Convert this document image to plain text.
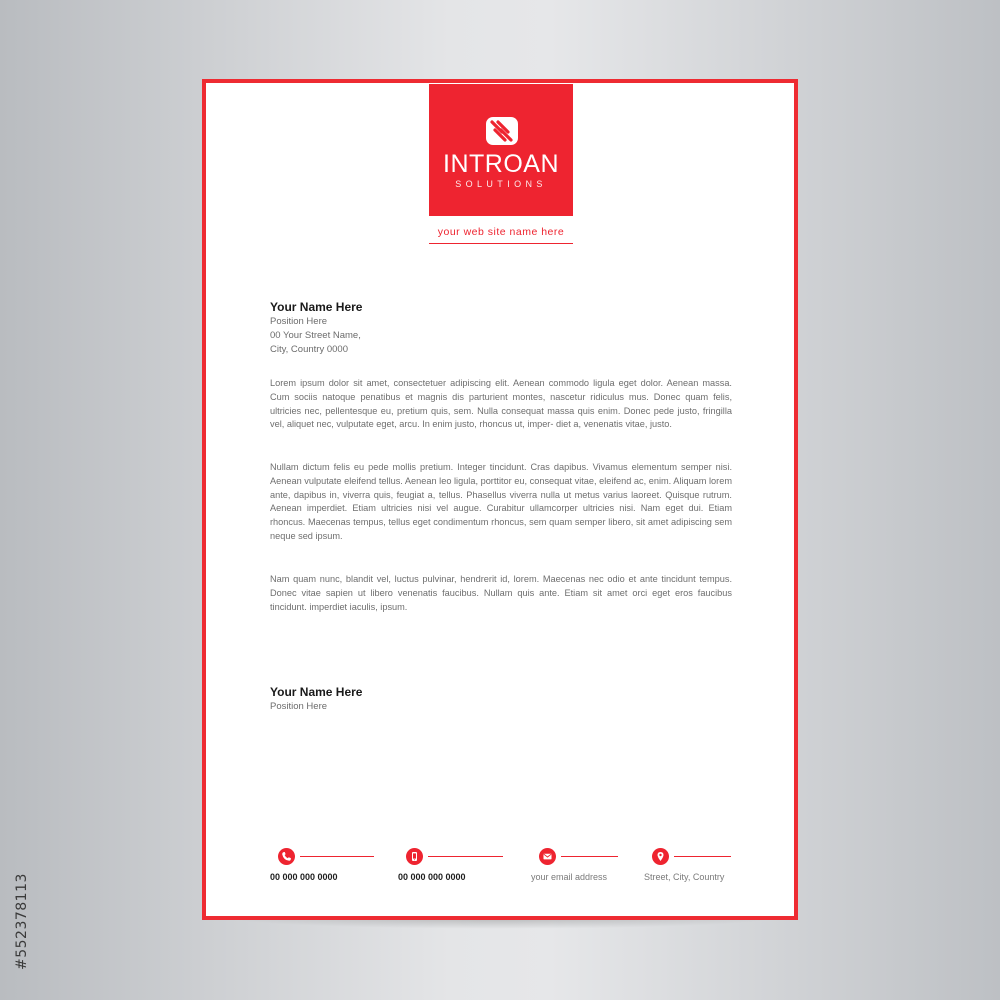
#552378113
INTROAN
SOLUTIONS
your web site name here
Your Name Here
Position Here
00 Your Street Name,
City, Country 0000

Lorem ipsum dolor sit amet, consectetuer adipiscing elit. Aenean commodo ligula eget dolor. Aenean massa. Cum sociis natoque penatibus et magnis dis parturient montes, nascetur ridiculus mus. Donec quam felis, ultricies nec, pellentesque eu, pretium quis, sem. Nulla consequat massa quis enim. Donec pede justo, fringilla vel, aliquet nec, vulputate eget, arcu. In enim justo, rhoncus ut, imper- diet a, venenatis vitae, justo.

Nullam dictum felis eu pede mollis pretium. Integer tincidunt. Cras dapibus. Vivamus elementum semper nisi. Aenean vulputate eleifend tellus. Aenean leo ligula, porttitor eu, consequat vitae, eleifend ac, enim. Aliquam lorem ante, dapibus in, viverra quis, feugiat a, tellus. Phasellus viverra nulla ut metus varius laoreet. Quisque rutrum. Aenean imperdiet. Etiam ultricies nisi vel augue. Curabitur ullamcorper ultricies nisi. Nam eget dui. Etiam rhoncus. Maecenas tempus, tellus eget condimentum rhoncus, sem quam semper libero, sit amet adipiscing sem neque sed ipsum.

Nam quam nunc, blandit vel, luctus pulvinar, hendrerit id, lorem. Maecenas nec odio et ante tincidunt tempus. Donec vitae sapien ut libero venenatis faucibus. Nullam quis ante. Etiam sit amet orci eget eros faucibus tincidunt. imperdiet iaculis, ipsum.

Your Name Here
Position Here
00 000 000 0000	00 000 000 0000	your email address	Street, City, Country
